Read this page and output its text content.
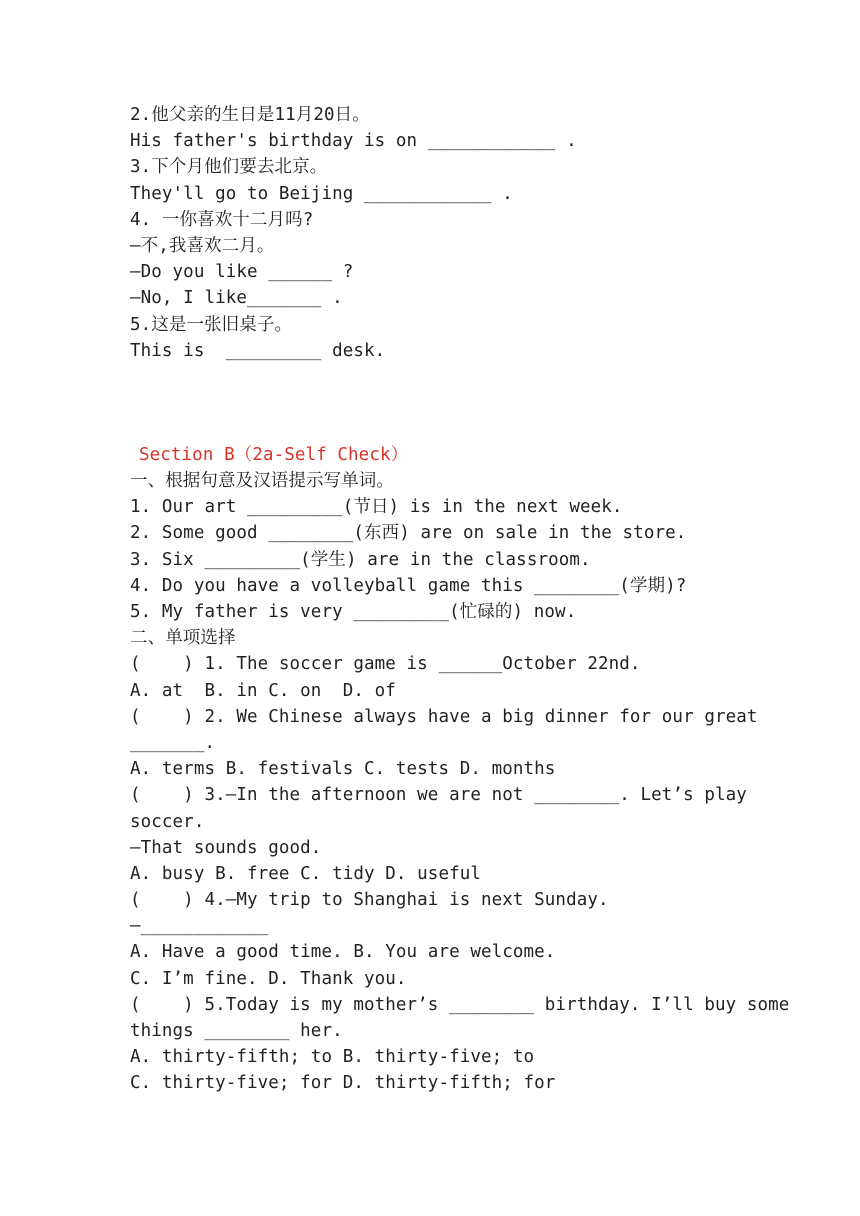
2.他父亲的生日是11月20日。
His father's birthday is on ____________ .
3.下个月他们要去北京。
They'll go to Beijing ____________ .
4. 一你喜欢十二月吗?
—不,我喜欢二月。
—Do you like ______ ?
—No, I like_______ .
5.这是一张旧桌子。
This is  _________ desk.
Section B（2a-Self Check）
一、根据句意及汉语提示写单词。
1. Our art _________(节日) is in the next week.
2. Some good ________(东西) are on sale in the store.
3. Six _________(学生) are in the classroom.
4. Do you have a volleyball game this ________(学期)?
5. My father is very _________(忙碌的) now.
二、单项选择
(    ) 1. The soccer game is ______October 22nd.
A. at  B. in C. on  D. of
(    ) 2. We Chinese always have a big dinner for our great
_______.
A. terms B. festivals C. tests D. months
(    ) 3.—In the afternoon we are not ________. Let’s play
soccer.
—That sounds good.
A. busy B. free C. tidy D. useful
(    ) 4.—My trip to Shanghai is next Sunday.
—____________
A. Have a good time. B. You are welcome.
C. I’m fine. D. Thank you.
(    ) 5.Today is my mother’s ________ birthday. I’ll buy some
things ________ her.
A. thirty-fifth; to B. thirty-five; to
C. thirty-five; for D. thirty-fifth; for
